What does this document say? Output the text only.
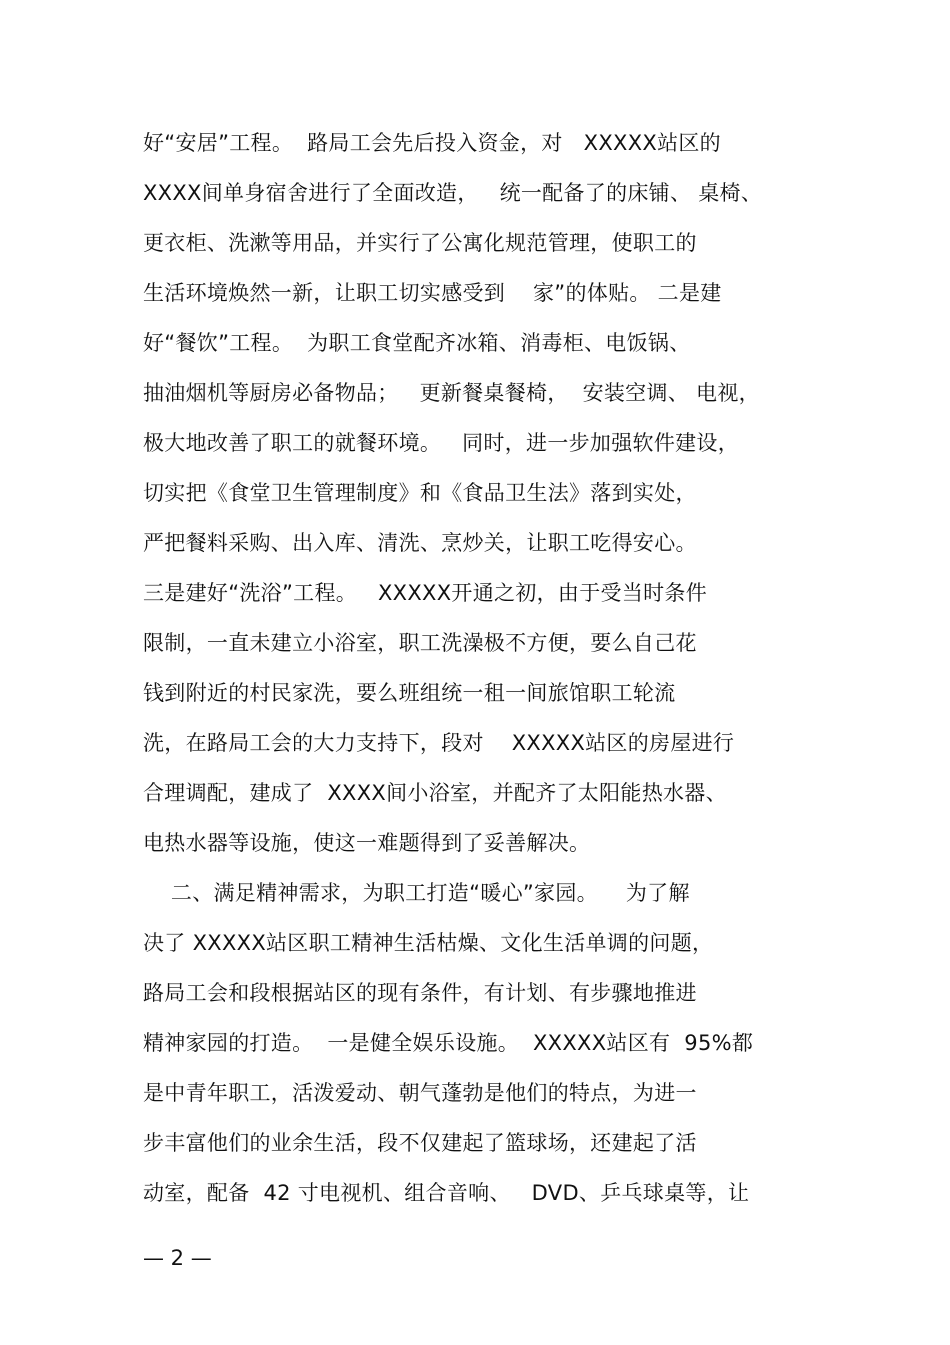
好“安居”工程。  路局工会先后投入资金，对   XXXXX站区的
XXXX间单身宿舍进行了全面改造，   统一配备了的床铺、 桌椅、
更衣柜、洗漱等用品，并实行了公寓化规范管理，使职工的
生活环境焕然一新，让职工切实感受到    家”的体贴。 二是建
好“餐饮”工程。  为职工食堂配齐冰箱、消毒柜、电饭锅、
抽油烟机等厨房必备物品；   更新餐桌餐椅，  安装空调、 电视，
极大地改善了职工的就餐环境。   同时，进一步加强软件建设，
切实把《食堂卫生管理制度》和《食品卫生法》落到实处，
严把餐料采购、出入库、清洗、烹炒关，让职工吃得安心。
三是建好“洗浴”工程。   XXXXX开通之初，由于受当时条件
限制，一直未建立小浴室，职工洗澡极不方便，要么自己花
钱到附近的村民家洗，要么班组统一租一间旅馆职工轮流
洗，在路局工会的大力支持下，段对    XXXXX站区的房屋进行
合理调配，建成了  XXXX间小浴室，并配齐了太阳能热水器、
电热水器等设施，使这一难题得到了妥善解决。
二、满足精神需求，为职工打造“暖心”家园。    为了解
决了 XXXXX站区职工精神生活枯燥、文化生活单调的问题，
路局工会和段根据站区的现有条件，有计划、有步骤地推进
精神家园的打造。  一是健全娱乐设施。  XXXXX站区有  95%都
是中青年职工，活泼爱动、朝气蓬勃是他们的特点，为进一
步丰富他们的业余生活，段不仅建起了篮球场，还建起了活
动室，配备  42 寸电视机、组合音响、   DVD、乒乓球桌等，让
— 2 —
